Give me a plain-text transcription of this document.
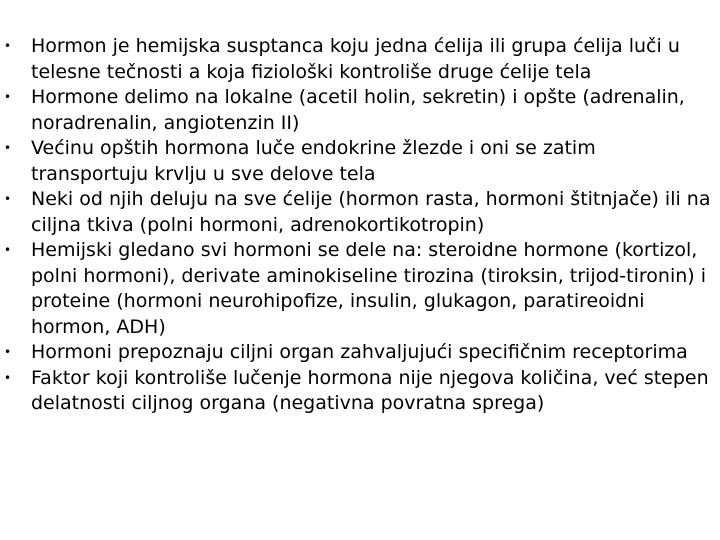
• Hormon je hemijska susptanca koju jedna ćelija ili grupa ćelija luči u telesne tečnosti a koja fiziološki kontroliše druge ćelije tela
• Hormone delimo na lokalne (acetil holin, sekretin) i opšte (adrenalin, noradrenalin, angiotenzin II)
• Većinu opštih hormona luče endokrine žlezde i oni se zatim transportuju krvlju u sve delove tela
• Neki od njih deluju na sve ćelije (hormon rasta, hormoni štitnjače) ili na ciljna tkiva (polni hormoni, adrenokortikotropin)
• Hemijski gledano svi hormoni se dele na: steroidne hormone (kortizol, polni hormoni), derivate aminokiseline tirozina (tiroksin, trijod-tironin) i proteine (hormoni neurohipofize, insulin, glukagon, paratireoidni hormon, ADH)
• Hormoni prepoznaju ciljni organ zahvaljujući specifičnim receptorima
• Faktor koji kontroliše lučenje hormona nije njegova količina, već stepen delatnosti ciljnog organa (negativna povratna sprega)
